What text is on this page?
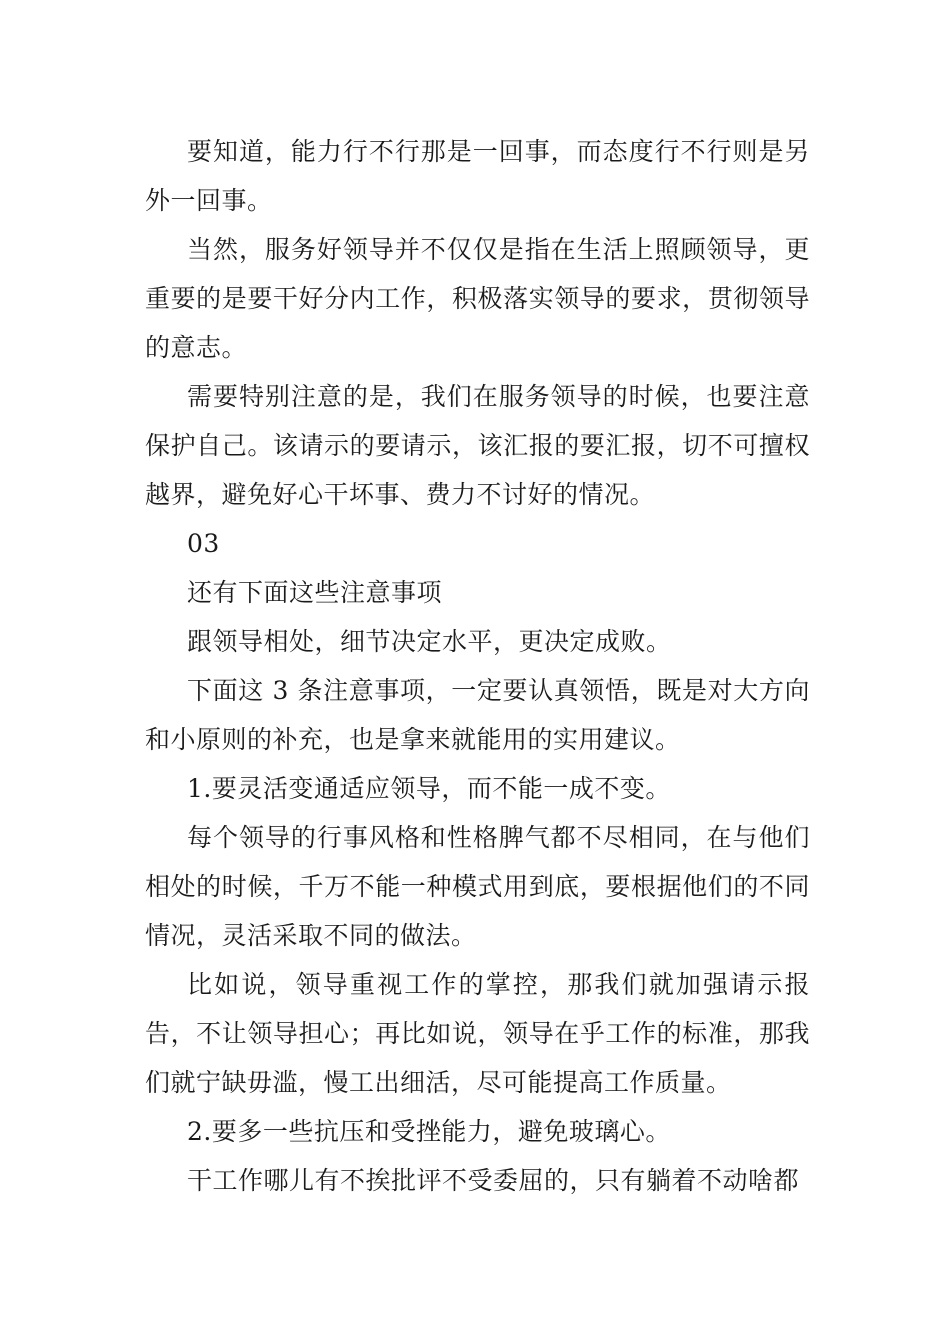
要知道，能力行不行那是一回事，而态度行不行则是另外一回事。

当然，服务好领导并不仅仅是指在生活上照顾领导，更重要的是要干好分内工作，积极落实领导的要求，贯彻领导的意志。

需要特别注意的是，我们在服务领导的时候，也要注意保护自己。该请示的要请示，该汇报的要汇报，切不可擅权越界，避免好心干坏事、费力不讨好的情况。

03

还有下面这些注意事项

跟领导相处，细节决定水平，更决定成败。

下面这 3 条注意事项，一定要认真领悟，既是对大方向和小原则的补充，也是拿来就能用的实用建议。

1.要灵活变通适应领导，而不能一成不变。

每个领导的行事风格和性格脾气都不尽相同，在与他们相处的时候，千万不能一种模式用到底，要根据他们的不同情况，灵活采取不同的做法。

比如说，领导重视工作的掌控，那我们就加强请示报告，不让领导担心；再比如说，领导在乎工作的标准，那我们就宁缺毋滥，慢工出细活，尽可能提高工作质量。

2.要多一些抗压和受挫能力，避免玻璃心。

干工作哪儿有不挨批评不受委屈的，只有躺着不动啥都
